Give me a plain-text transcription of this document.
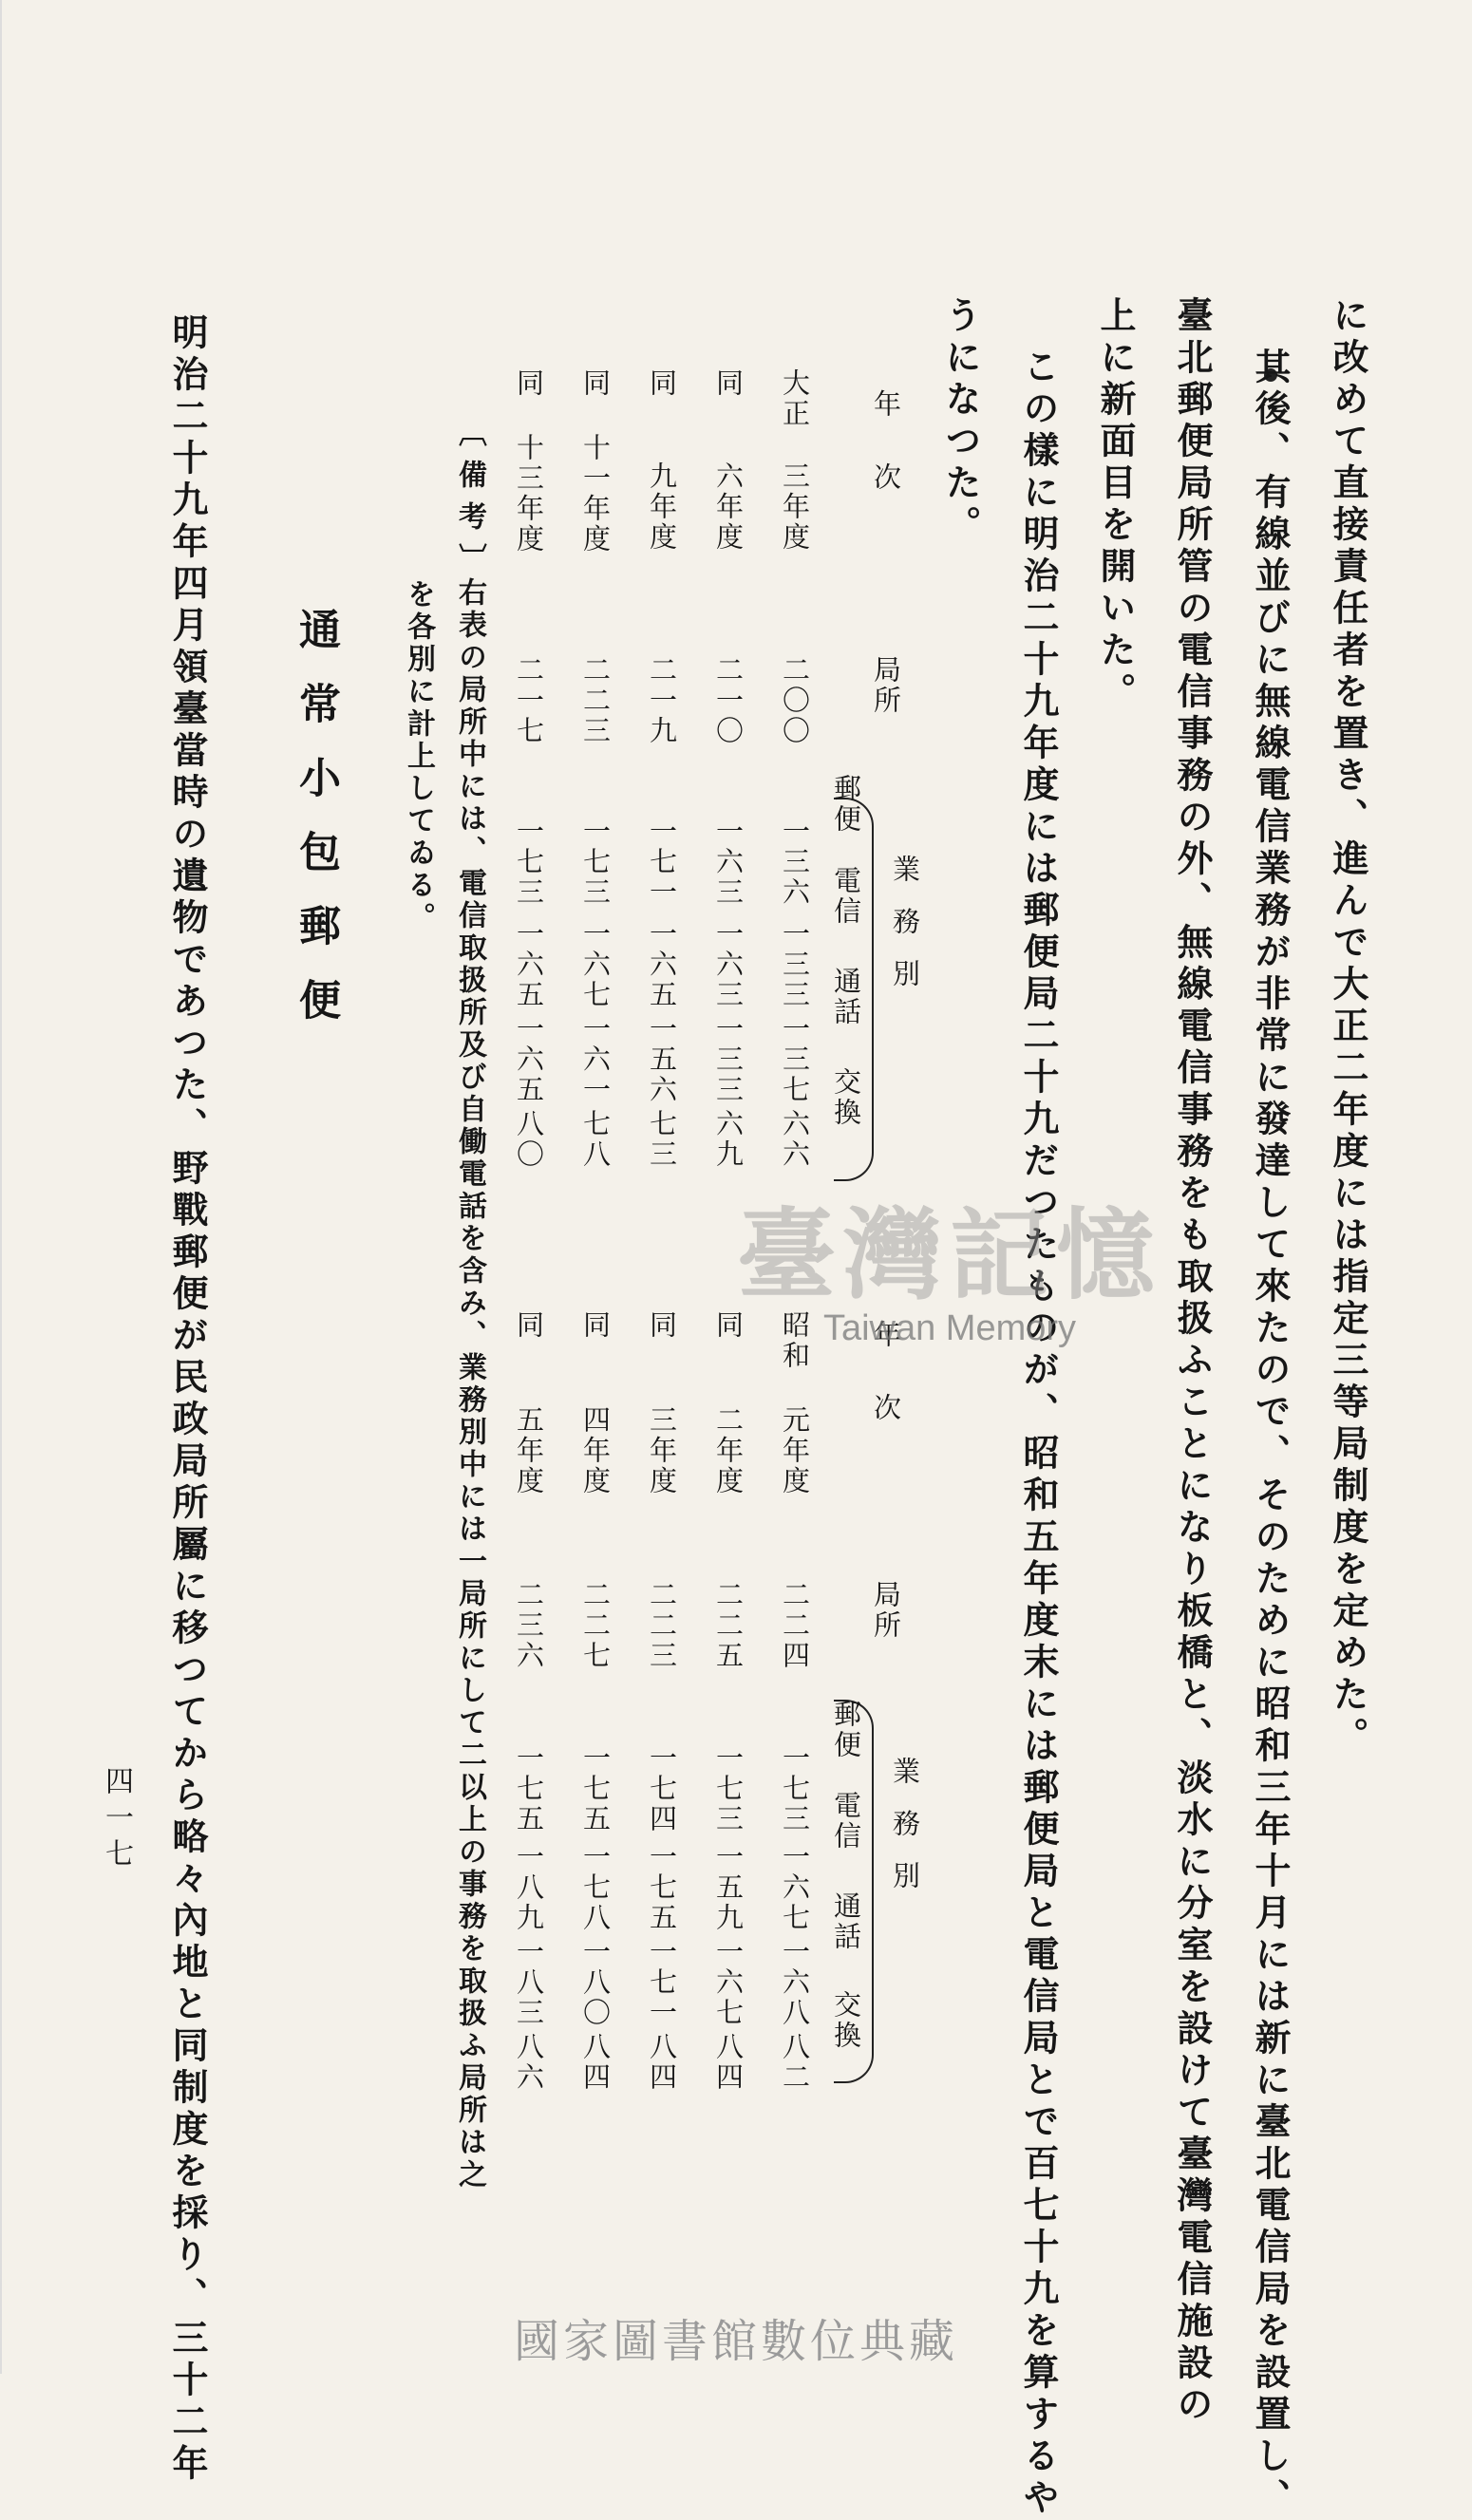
に改めて直接責任者を置き、進んで大正二年度には指定三等局制度を定めた。
其後、有線並びに無線電信業務が非常に發達して來たので、そのために昭和三年十月には新に臺北電信局を設置し、
臺北郵便局所管の電信事務の外、無線電信事務をも取扱ふことになり板橋と、淡水に分室を設けて臺灣電信施設の
上に新面目を開いた。
この樣に明治二十九年度には郵便局二十九だつたものが、昭和五年度末には郵便局と電信局とで百七十九を算するや
うになつた。
年次
局所
業務別
郵便
電信
通話
交換
大正
三年度
二〇〇
一三六
一三三
一三七
六六
同
六年度
二一〇
一六三
一六三
一三三
六九
同
九年度
二一九
一七一
一六五
一五六
七三
同
十一年度
二二三
一七三
一六七
一六一
七八
同
十三年度
二一七
一七三
一六五
一六五
八〇
年次
局所
業務別
郵便
電信
通話
交換
昭和
元年度
二二四
一七三
一六七
一六八
八二
同
二年度
二二五
一七三
一五九
一六七
八四
同
三年度
二二三
一七四
一七五
一七一
八四
同
四年度
二二七
一七五
一七八
一八〇
八四
同
五年度
二三六
一七五
一八九
一八三
八六
臺灣記憶
Taiwan Memory
〔備考〕
右表の局所中には、電信取扱所及び自働電話を含み、業務別中には一局所にして二以上の事務を取扱ふ局所は之
を各別に計上してゐる。
通常小包郵便
明治二十九年四月領臺當時の遺物であつた、野戰郵便が民政局所屬に移つてから略々內地と同制度を採り、三十二年
四一七
國家圖書館數位典藏
